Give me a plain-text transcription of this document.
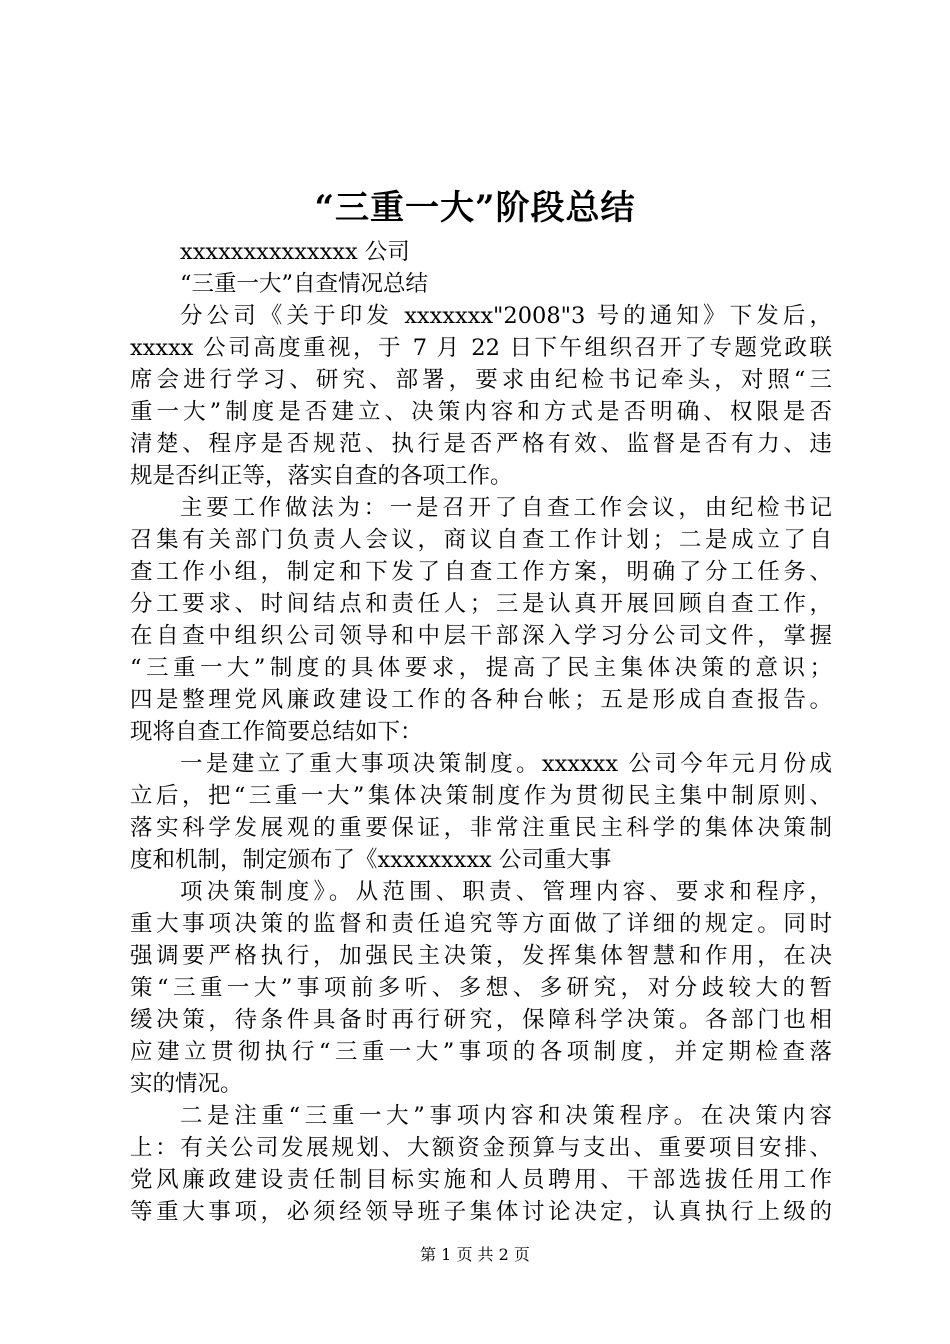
“三重一大”阶段总结
xxxxxxxxxxxxxx 公司
“三重一大”自查情况总结
分公司《关于印发 xxxxxxx"2008"3 号的通知》下发后，
xxxxx 公司高度重视，于 7 月 22 日下午组织召开了专题党政联
席会进行学习、研究、部署，要求由纪检书记牵头，对照“三
重一大”制度是否建立、决策内容和方式是否明确、权限是否
清楚、程序是否规范、执行是否严格有效、监督是否有力、违
规是否纠正等，落实自查的各项工作。
主要工作做法为：一是召开了自查工作会议，由纪检书记
召集有关部门负责人会议，商议自查工作计划；二是成立了自
查工作小组，制定和下发了自查工作方案，明确了分工任务、
分工要求、时间结点和责任人；三是认真开展回顾自查工作，
在自查中组织公司领导和中层干部深入学习分公司文件，掌握
“三重一大”制度的具体要求，提高了民主集体决策的意识；
四是整理党风廉政建设工作的各种台帐；五是形成自查报告。
现将自查工作简要总结如下：
一是建立了重大事项决策制度。xxxxxx 公司今年元月份成
立后，把“三重一大”集体决策制度作为贯彻民主集中制原则、
落实科学发展观的重要保证，非常注重民主科学的集体决策制
度和机制，制定颁布了《xxxxxxxxx 公司重大事
项决策制度》。从范围、职责、管理内容、要求和程序，
重大事项决策的监督和责任追究等方面做了详细的规定。同时
强调要严格执行，加强民主决策，发挥集体智慧和作用，在决
策“三重一大”事项前多听、多想、多研究，对分歧较大的暂
缓决策，待条件具备时再行研究，保障科学决策。各部门也相
应建立贯彻执行“三重一大”事项的各项制度，并定期检查落
实的情况。
二是注重“三重一大”事项内容和决策程序。在决策内容
上：有关公司发展规划、大额资金预算与支出、重要项目安排、
党风廉政建设责任制目标实施和人员聘用、干部选拔任用工作
等重大事项，必须经领导班子集体讨论决定，认真执行上级的
第 1 页 共 2 页
